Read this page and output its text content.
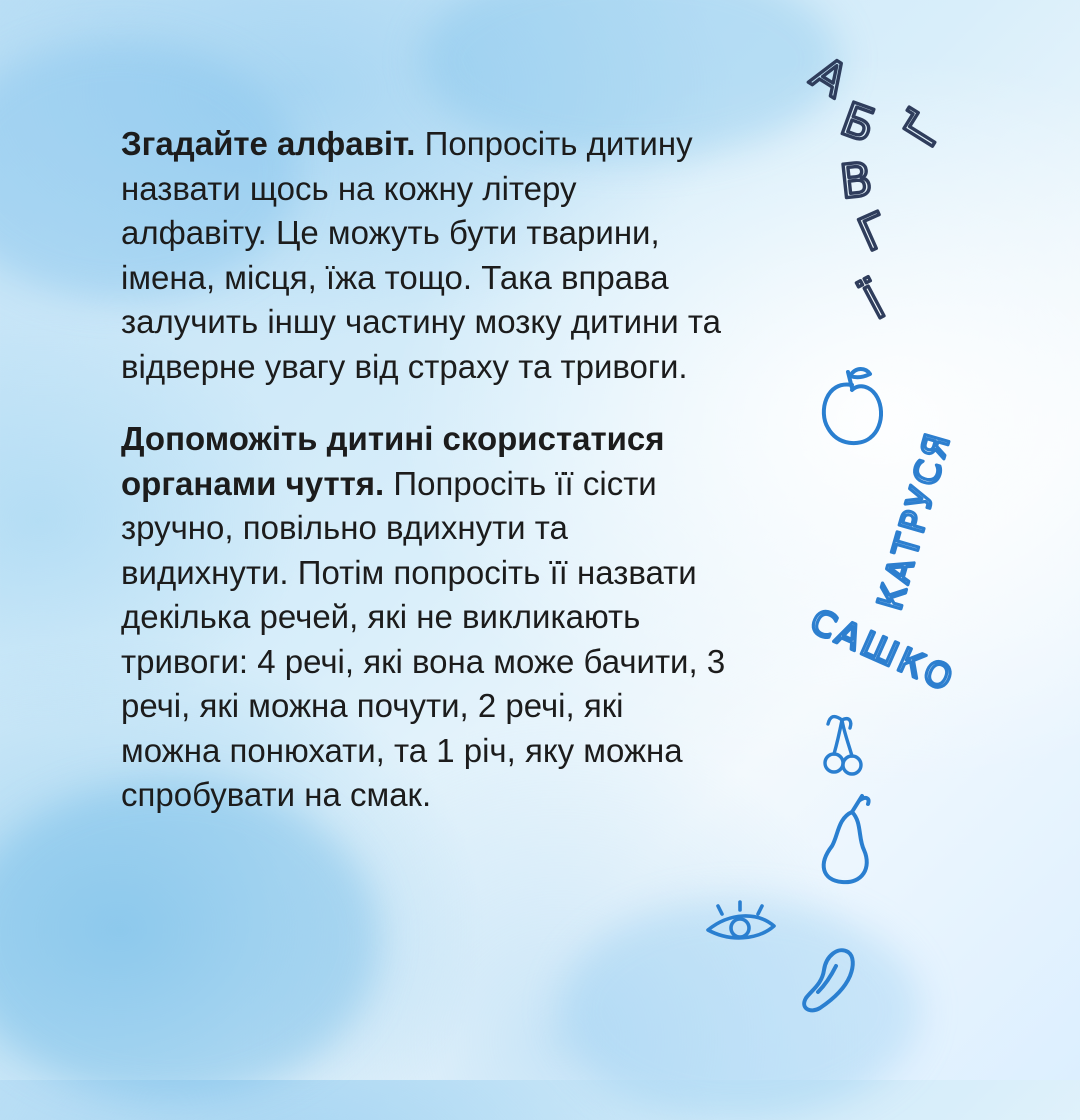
Згадайте алфавіт. Попросіть дитину назвати щось на кожну літеру алфавіту. Це можуть бути тварини, імена, місця, їжа тощо. Така вправа залучить іншу частину мозку дитини та відверне увагу від страху та тривоги.

Допоможіть дитині скористатися органами чуття. Попросіть її сісти зручно, повільно вдихнути та видихнути. Потім попросіть її назвати декілька речей, які не викликають тривоги: 4 речі, які вона може бачити, 3 речі, які можна почути, 2 речі, які можна понюхати, та 1 річ, яку можна спробувати на смак.

А
Б
В
Г
Ґ
Ї
КАТРУСЯ
САШКО
